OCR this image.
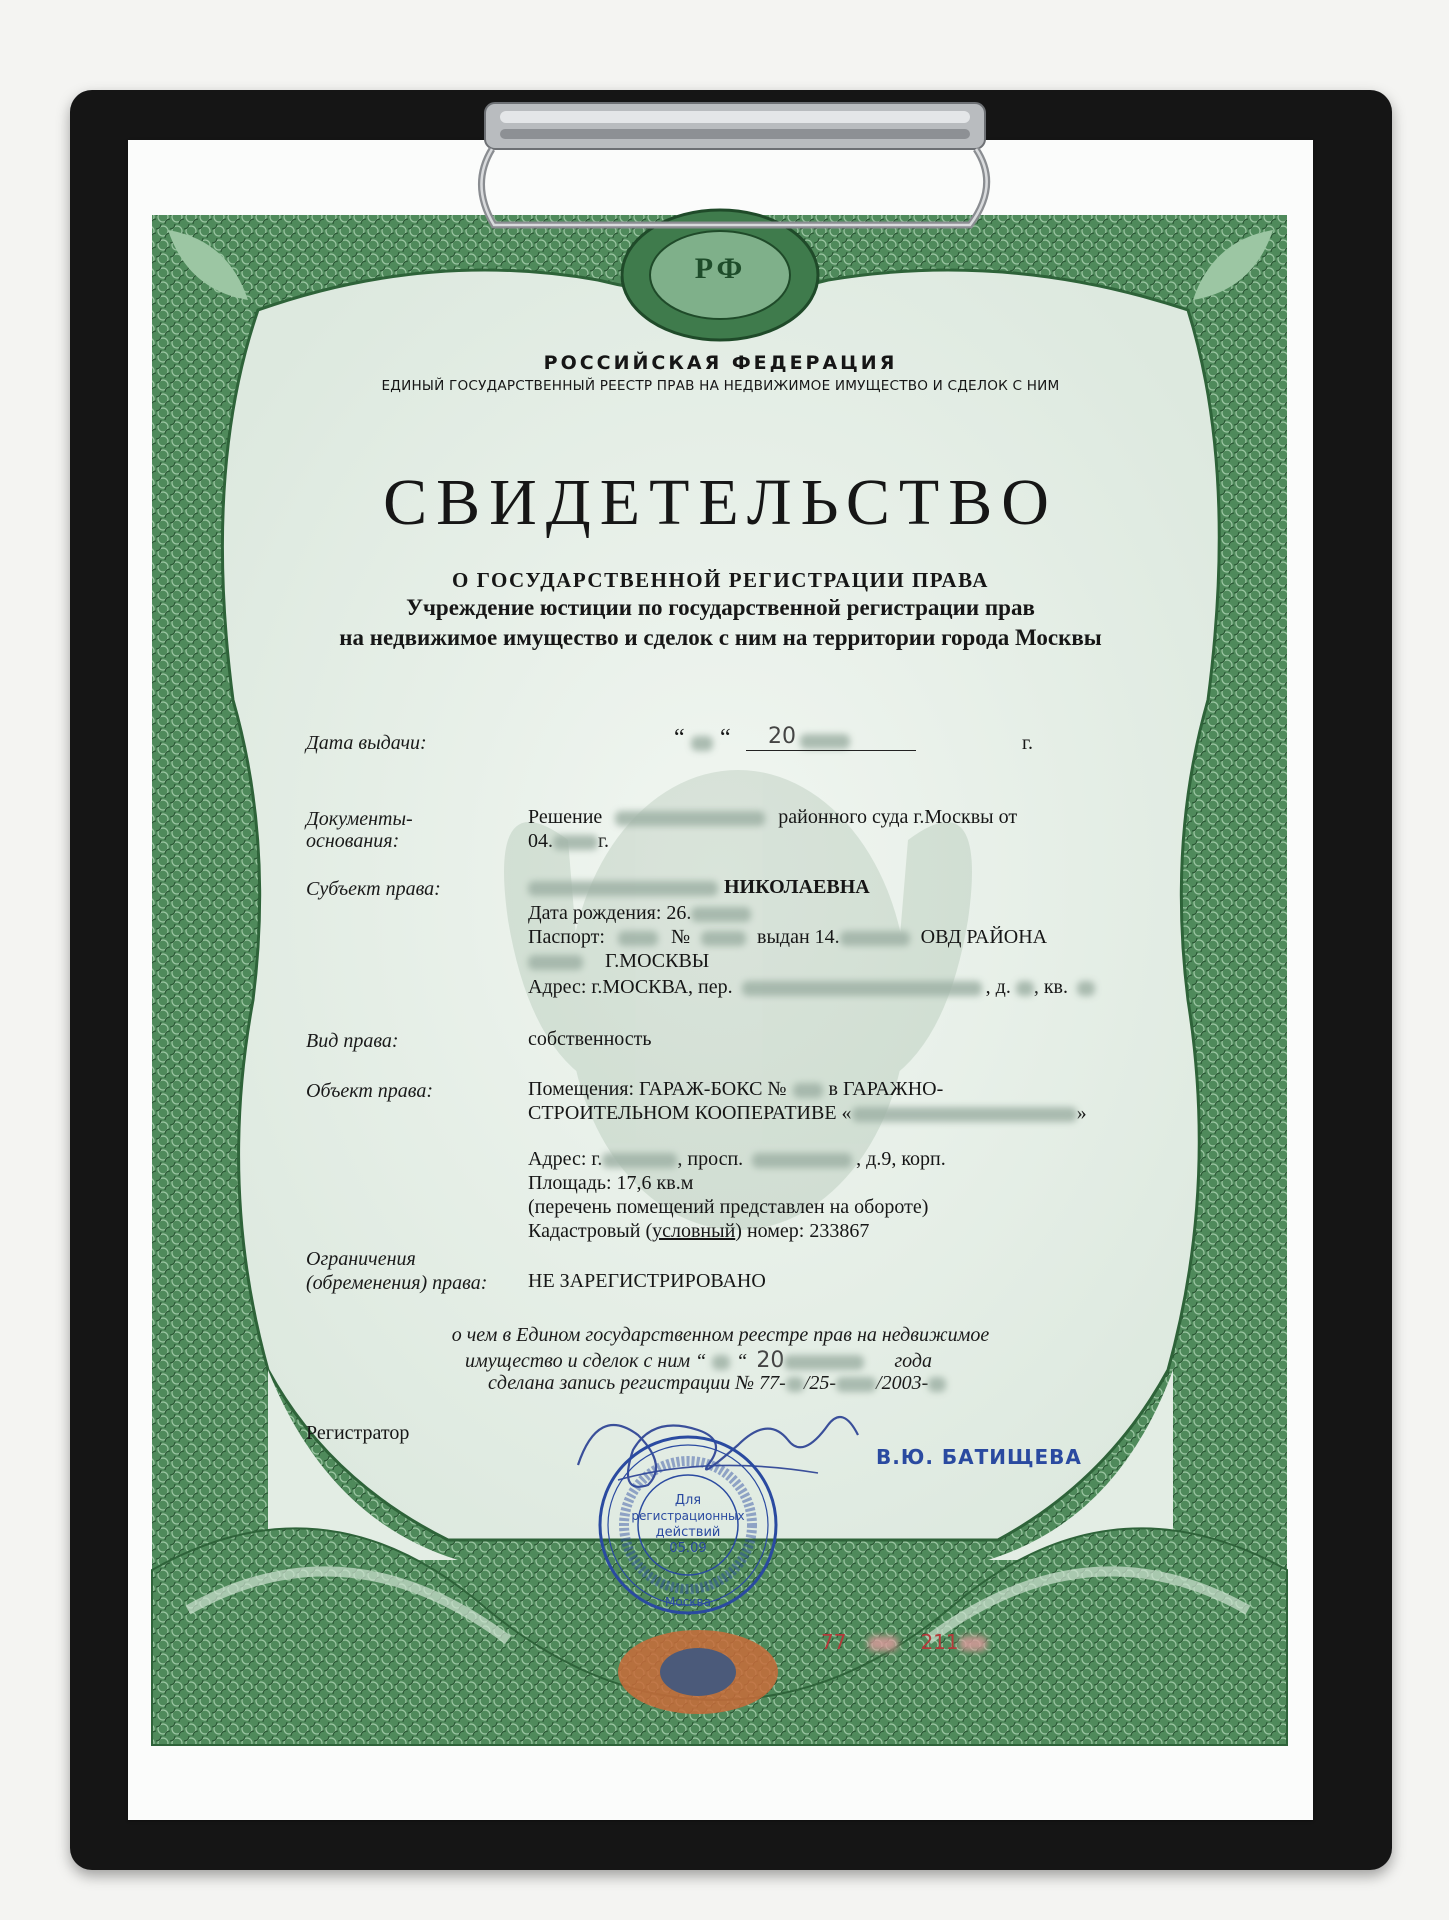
РФ
РОССИЙСКАЯ ФЕДЕРАЦИЯ
ЕДИНЫЙ ГОСУДАРСТВЕННЫЙ РЕЕСТР ПРАВ НА НЕДВИЖИМОЕ ИМУЩЕСТВО И СДЕЛОК С НИМ
СВИДЕТЕЛЬСТВО
О ГОСУДАРСТВЕННОЙ РЕГИСТРАЦИИ ПРАВА
Учреждение юстиции по государственной регистрации прав
на недвижимое имущество и сделок с ним на территории города Москвы
Дата выдачи:	“ “ 20	г.
Документы-
основания:
Решение	районного суда г.Москвы от
04. г.
Субъект права:	НИКОЛАЕВНА
Дата рождения: 26.
Паспорт:	№	выдан 14.	ОВД РАЙОНА
Г.МОСКВЫ
Адрес: г.МОСКВА, пер.	, д. , кв.
Вид права:	собственность
Объект права:	Помещения: ГАРАЖ-БОКС № в ГАРАЖНО-
СТРОИТЕЛЬНОМ КООПЕРАТИВЕ «	»
Адрес: г.	, просп.	, д.9, корп.
Площадь: 17,6 кв.м
(перечень помещений представлен на обороте)
Кадастровый (условный) номер: 233867
Ограничения
(обременения) права: НЕ ЗАРЕГИСТРИРОВАНО
о чем в Едином государственном реестре прав на недвижимое
имущество и сделок с ним “ “ 20	года
сделана запись регистрации № 77- /25- /2003-
Регистратор
В.Ю. БАТИЩЕВА
Для
регистрационных
действий
05.09
Москва
77	211
